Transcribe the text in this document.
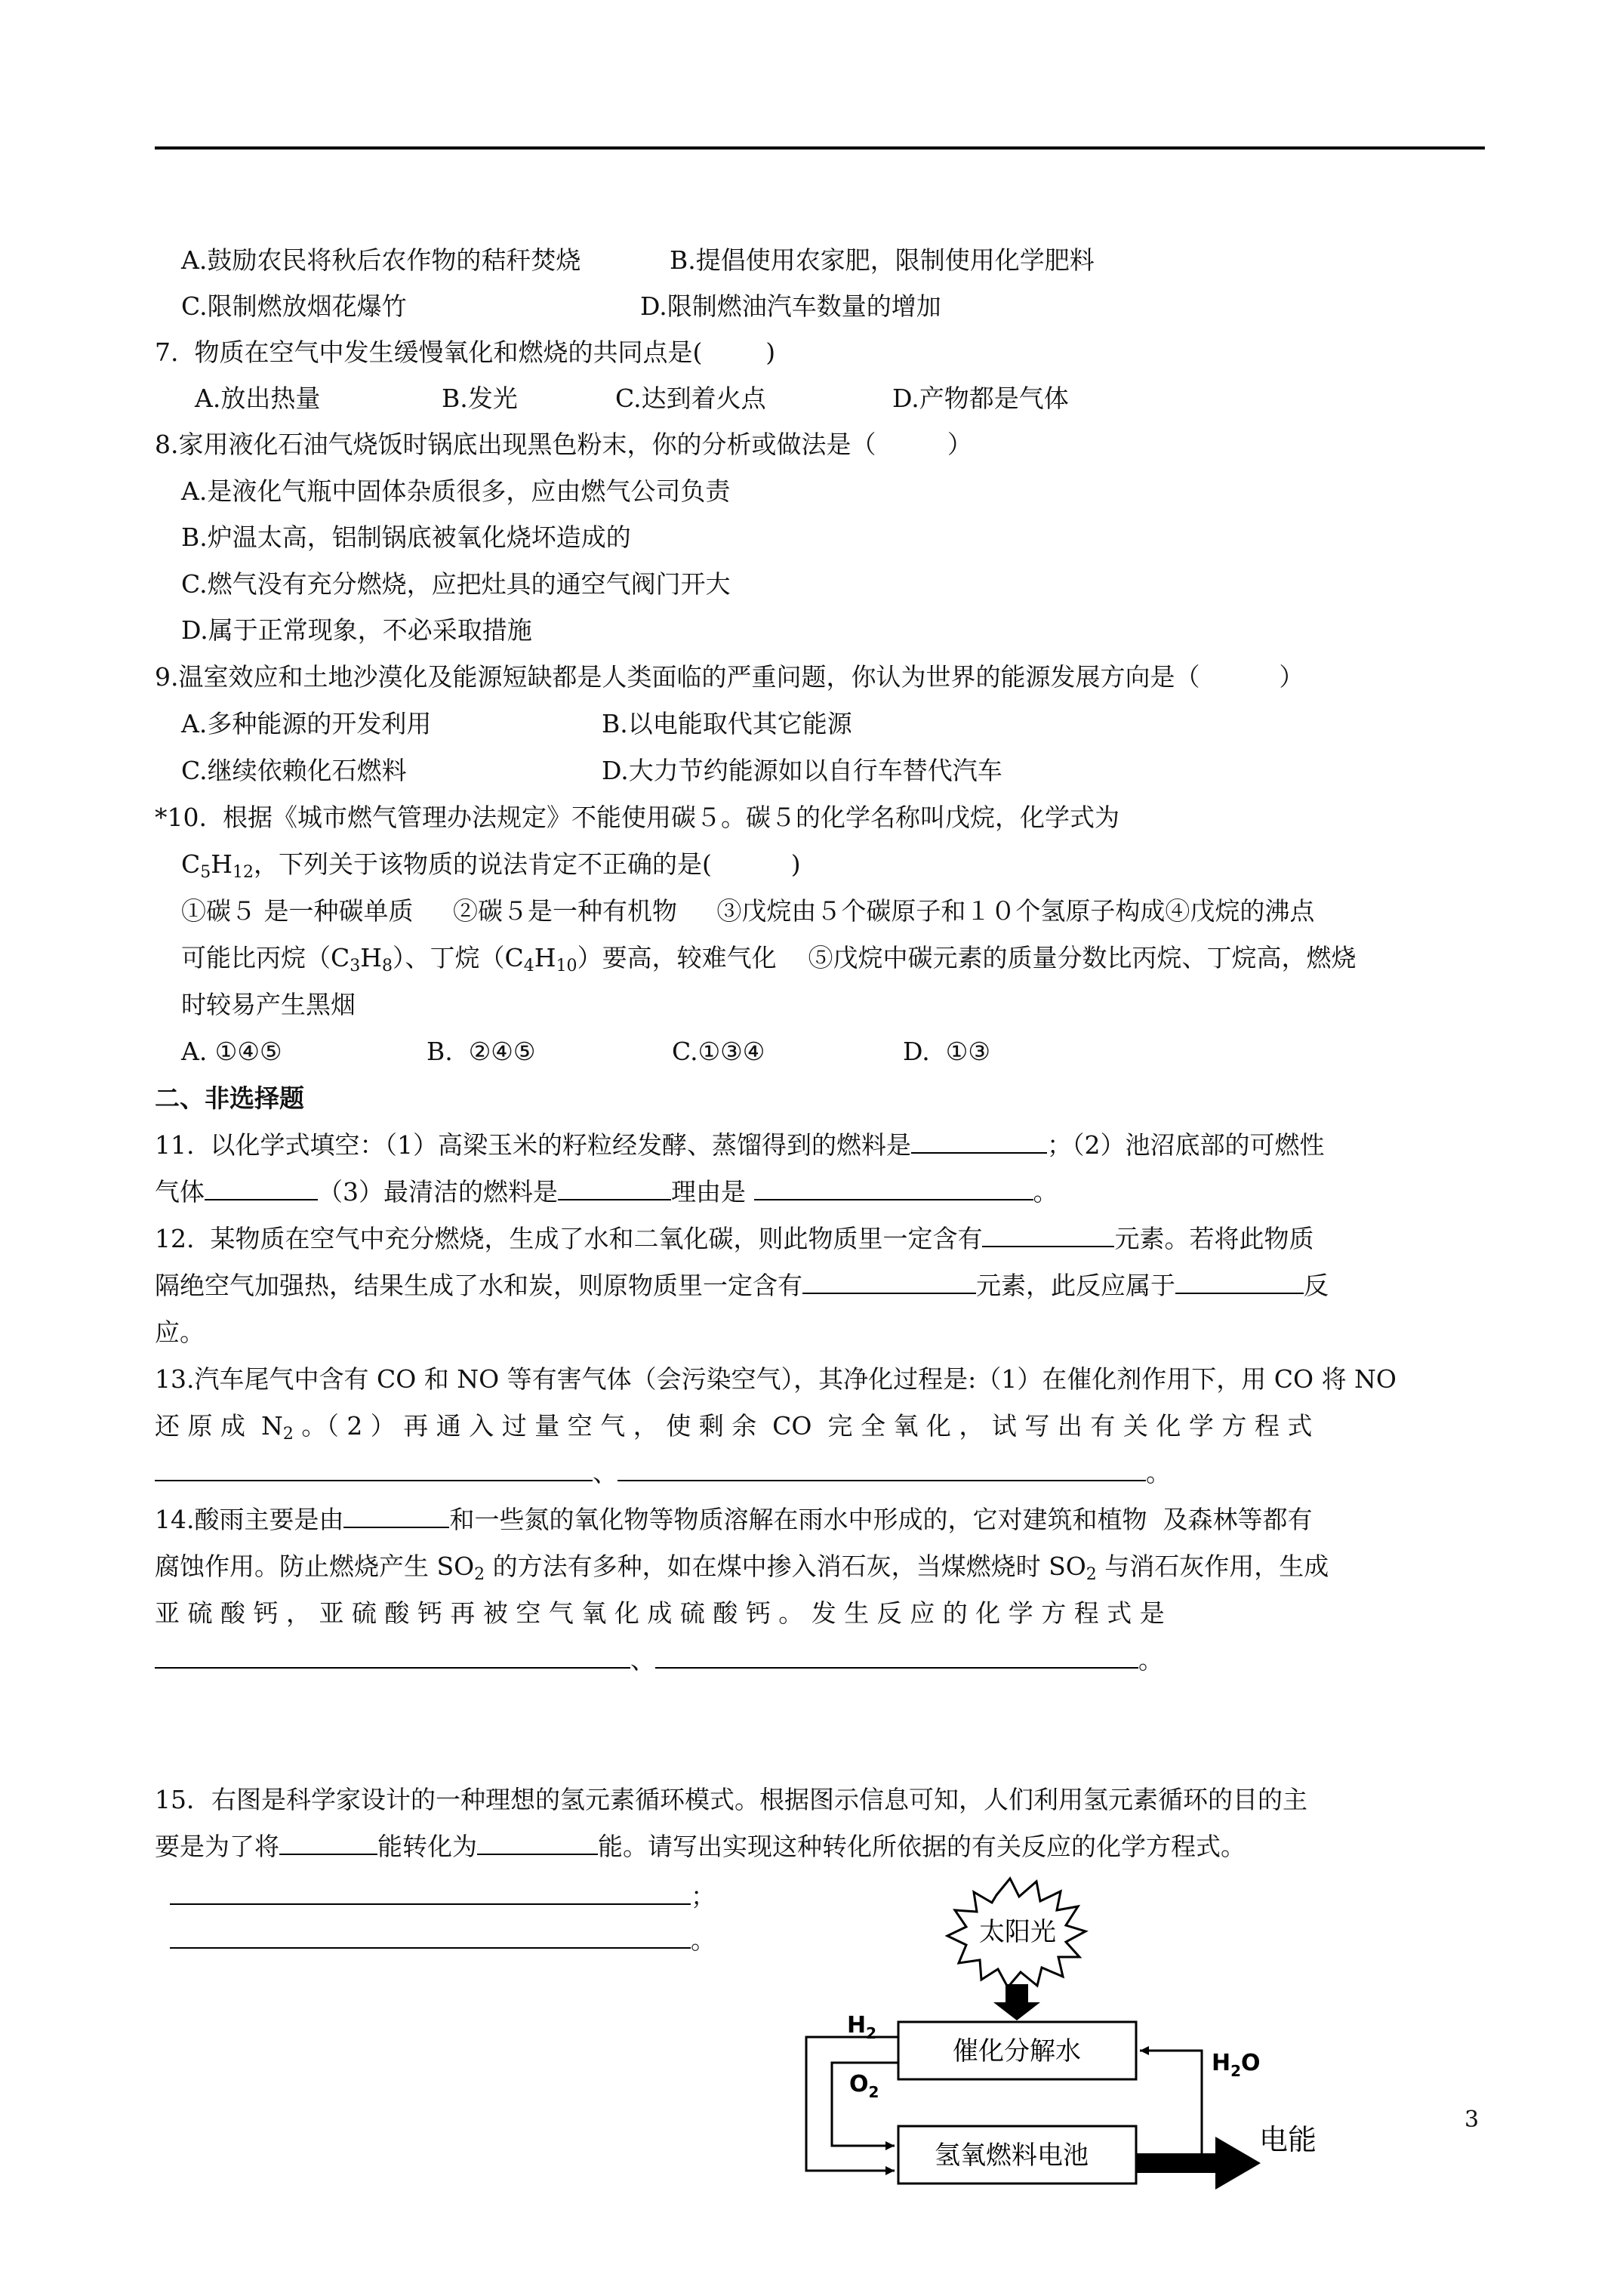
A.鼓励农民将秋后农作物的秸秆焚烧	B.提倡使用农家肥，限制使用化学肥料
C.限制燃放烟花爆竹	D.限制燃油汽车数量的增加
7.  物质在空气中发生缓慢氧化和燃烧的共同点是(        )
A.放出热量	B.发光	C.达到着火点	D.产物都是气体
8.家用液化石油气烧饭时锅底出现黑色粉末，你的分析或做法是（         ）
A.是液化气瓶中固体杂质很多，应由燃气公司负责
B.炉温太高，铝制锅底被氧化烧坏造成的
C.燃气没有充分燃烧，应把灶具的通空气阀门开大
D.属于正常现象，不必采取措施
9.温室效应和土地沙漠化及能源短缺都是人类面临的严重问题，你认为世界的能源发展方向是（          ）
A.多种能源的开发利用	B.以电能取代其它能源
C.继续依赖化石燃料	D.大力节约能源如以自行车替代汽车
*10.  根据《城市燃气管理办法规定》不能使用碳５。碳５的化学名称叫戊烷，化学式为
$C_5H_{12}$，下列关于该物质的说法肯定不正确的是(          )
①碳５ 是一种碳单质     ②碳５是一种有机物     ③戊烷由５个碳原子和１０个氢原子构成④戊烷的沸点
可能比丙烷$(C_3H_8)$、丁烷$(C_4H_{10})$要高，较难气化    ⑤戊烷中碳元素的质量分数比丙烷、丁烷高，燃烧
时较易产生黑烟
A. ①④⑤	B.  ②④⑤	C.①③④	D.  ①③
二、非选择题
11.  以化学式填空：（1）高梁玉米的籽粒经发酵、蒸馏得到的燃料是	；（2）池沼底部的可燃性
气体	（3）最清洁的燃料是	理由是	。
12.  某物质在空气中充分燃烧，生成了水和二氧化碳，则此物质里一定含有	元素。若将此物质
隔绝空气加强热，结果生成了水和炭，则原物质里一定含有	元素，此反应属于	反
应。
13.汽车尾气中含有 CO 和 NO 等有害气体（会污染空气），其净化过程是:（1）在催化剂作用下，用 CO 将 NO
还 原 成  $N_2$ 。（ 2 ） 再 通 入 过 量 空 气 ， 使 剩 余  CO  完 全 氧 化 ， 试 写 出 有 关 化 学 方 程 式
、	。
14.酸雨主要是由	和一些氮的氧化物等物质溶解在雨水中形成的，它对建筑和植物  及森林等都有
腐蚀作用。防止燃烧产生 $SO_2$ 的方法有多种，如在煤中掺入消石灰，当煤燃烧时 $SO_2$ 与消石灰作用，生成
亚 硫 酸 钙 ， 亚 硫 酸 钙 再 被 空 气 氧 化 成 硫 酸 钙 。 发 生 反 应 的 化 学 方 程 式 是
、	。
15．右图是科学家设计的一种理想的氢元素循环模式。根据图示信息可知，人们利用氢元素循环的目的主
要是为了将	能转化为	能。请写出实现这种转化所依据的有关反应的化学方程式。
；
。	太阳光
催化分解水
氢氧燃料电池
$H_2$
$O_2$
$H_2O$
电能
3
